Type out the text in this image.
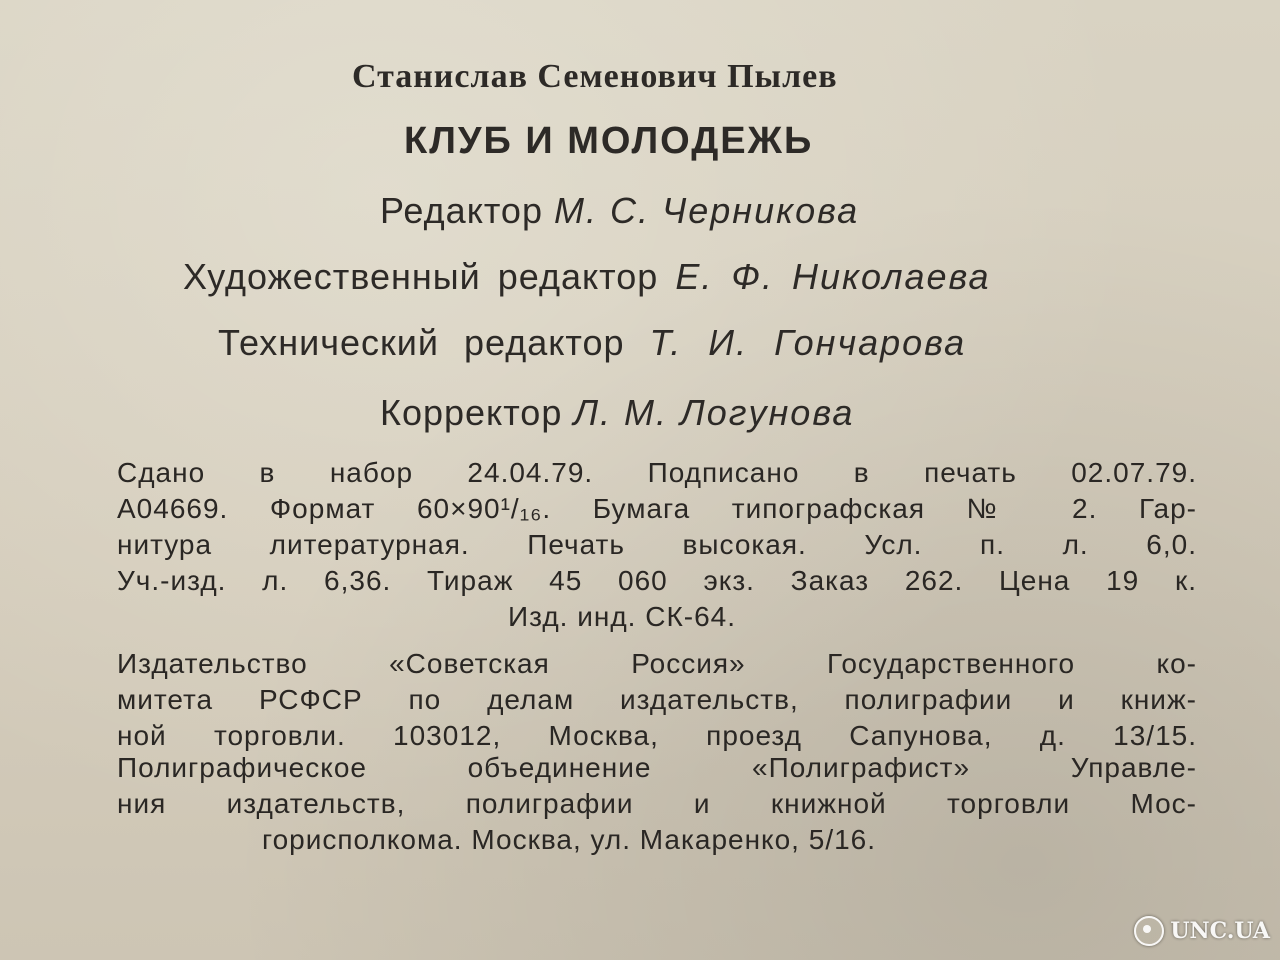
Станислав Семенович Пылев
КЛУБ И МОЛОДЕЖЬ
Редактор М. С. Черникова
Художественный редактор Е. Ф. Николаева
Технический редактор Т. И. Гончарова
Корректор Л. М. Логунова
Сдано в набор 24.04.79. Подписано в печать 02.07.79.
А04669. Формат 60×90¹/₁₆. Бумага типографская № 2. Гар-
нитура литературная. Печать высокая. Усл. п. л. 6,0.
Уч.-изд. л. 6,36. Тираж 45 060 экз. Заказ 262. Цена 19 к.
Изд. инд. СК-64.
Издательство «Советская Россия» Государственного ко-
митета РСФСР по делам издательств, полиграфии и книж-
ной торговли. 103012, Москва, проезд Сапунова, д. 13/15.
Полиграфическое объединение «Полиграфист» Управле-
ния издательств, полиграфии и книжной торговли Мос-
горисполкома. Москва, ул. Макаренко, 5/16.
UNC.UA
